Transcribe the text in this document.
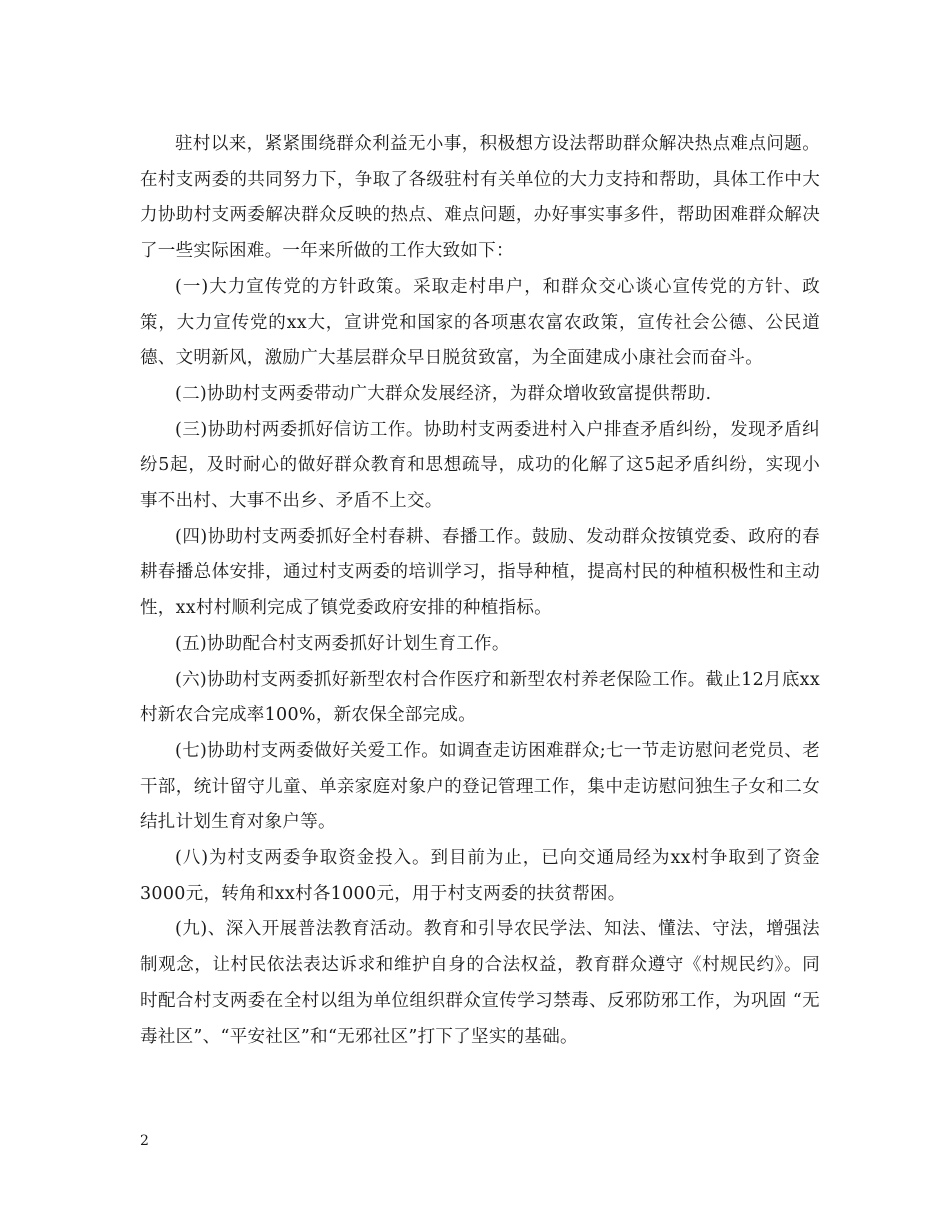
驻村以来，紧紧围绕群众利益无小事，积极想方设法帮助群众解决热点难点问题。在村支两委的共同努力下，争取了各级驻村有关单位的大力支持和帮助，具体工作中大力协助村支两委解决群众反映的热点、难点问题，办好事实事多件，帮助困难群众解决了一些实际困难。一年来所做的工作大致如下：

(一)大力宣传党的方针政策。采取走村串户，和群众交心谈心宣传党的方针、政策，大力宣传党的xx大，宣讲党和国家的各项惠农富农政策，宣传社会公德、公民道德、文明新风，激励广大基层群众早日脱贫致富，为全面建成小康社会而奋斗。

(二)协助村支两委带动广大群众发展经济，为群众增收致富提供帮助.

(三)协助村两委抓好信访工作。协助村支两委进村入户排查矛盾纠纷，发现矛盾纠纷5起，及时耐心的做好群众教育和思想疏导，成功的化解了这5起矛盾纠纷，实现小事不出村、大事不出乡、矛盾不上交。

(四)协助村支两委抓好全村春耕、春播工作。鼓励、发动群众按镇党委、政府的春耕春播总体安排，通过村支两委的培训学习，指导种植，提高村民的种植积极性和主动性，xx村村顺利完成了镇党委政府安排的种植指标。

(五)协助配合村支两委抓好计划生育工作。

(六)协助村支两委抓好新型农村合作医疗和新型农村养老保险工作。截止12月底xx村新农合完成率100%，新农保全部完成。

(七)协助村支两委做好关爱工作。如调查走访困难群众;七一节走访慰问老党员、老干部，统计留守儿童、单亲家庭对象户的登记管理工作，集中走访慰问独生子女和二女结扎计划生育对象户等。

(八)为村支两委争取资金投入。到目前为止，已向交通局经为xx村争取到了资金3000元，转角和xx村各1000元，用于村支两委的扶贫帮困。

(九)、深入开展普法教育活动。教育和引导农民学法、知法、懂法、守法，增强法制观念，让村民依法表达诉求和维护自身的合法权益，教育群众遵守《村规民约》。同时配合村支两委在全村以组为单位组织群众宣传学习禁毒、反邪防邪工作，为巩固 “无毒社区”、“平安社区”和“无邪社区”打下了坚实的基础。

2
